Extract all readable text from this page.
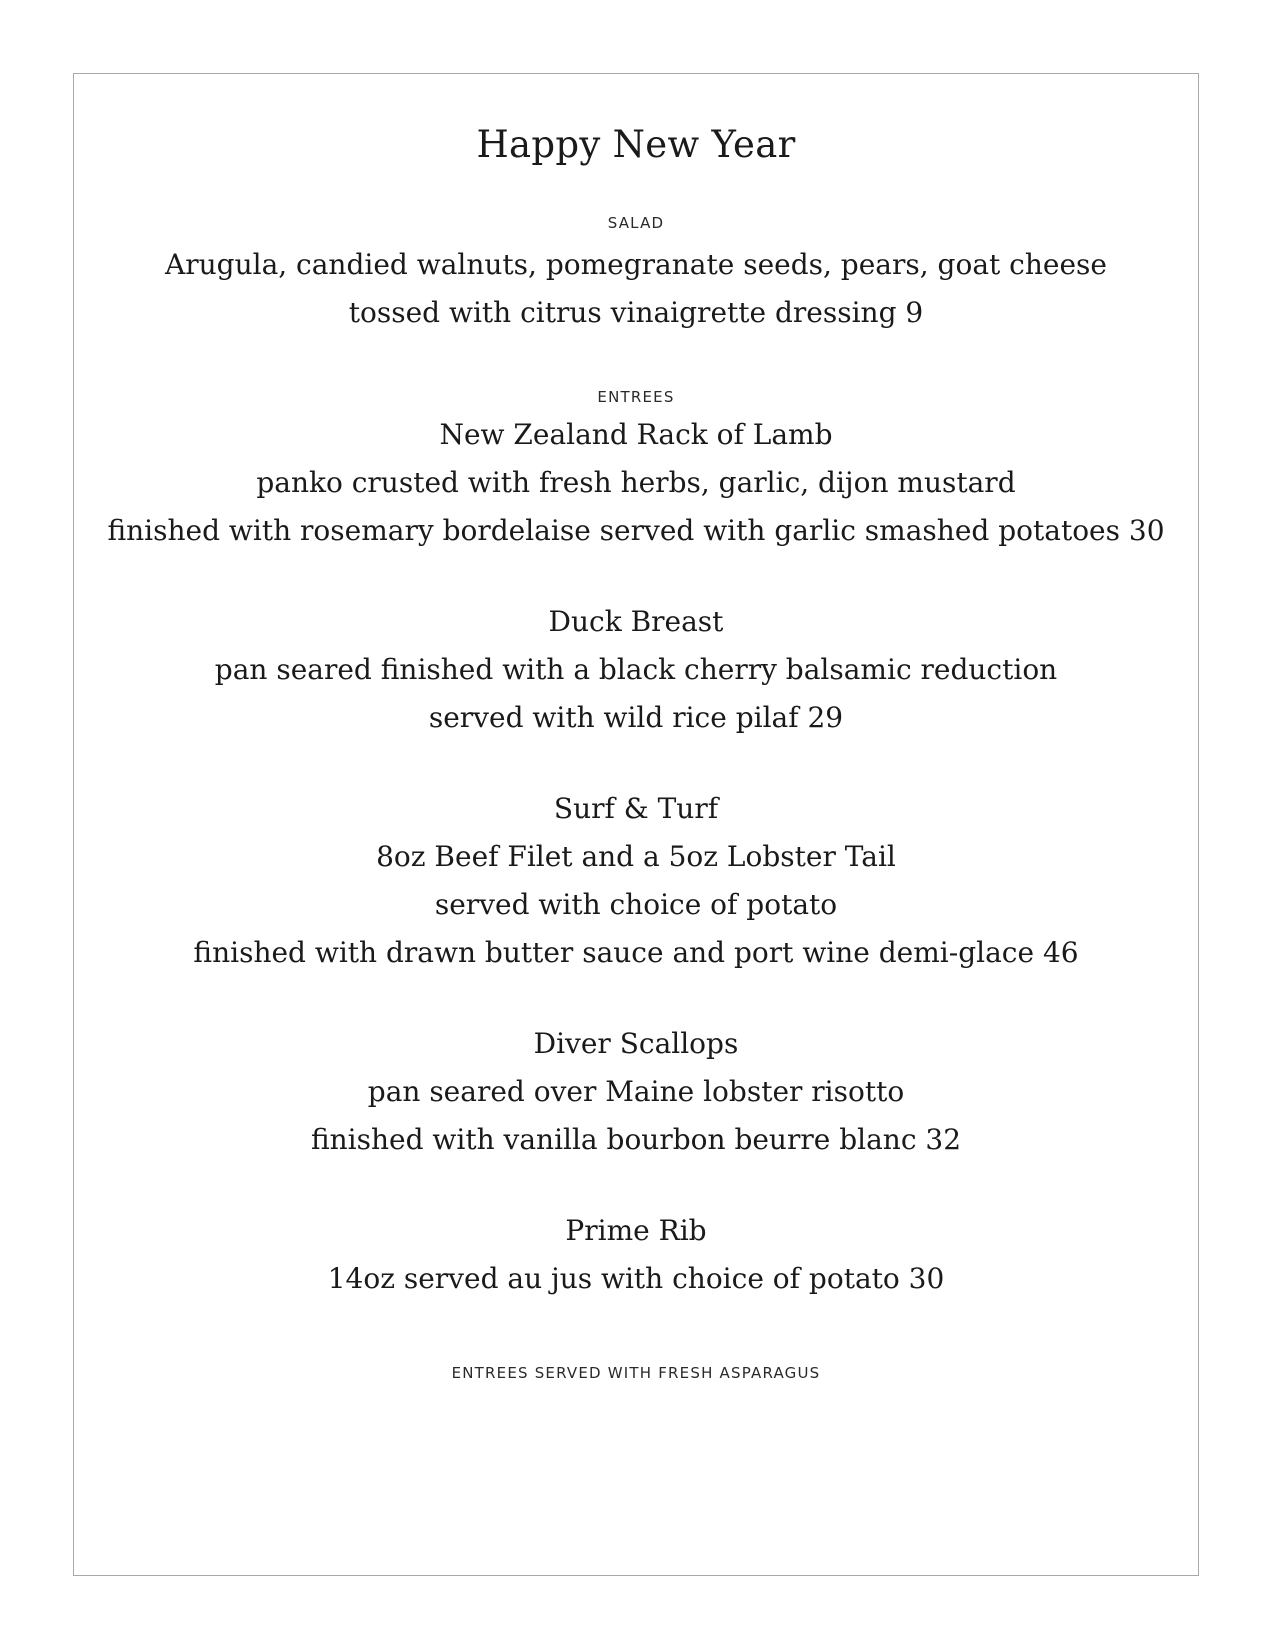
Happy New Year
SALAD
Arugula, candied walnuts, pomegranate seeds, pears, goat cheese
tossed with citrus vinaigrette dressing 9
ENTREES
New Zealand Rack of Lamb
panko crusted with fresh herbs, garlic, dijon mustard
finished with rosemary bordelaise served with garlic smashed potatoes 30
Duck Breast
pan seared finished with a black cherry balsamic reduction
served with wild rice pilaf 29
Surf & Turf
8oz Beef Filet and a 5oz Lobster Tail
served with choice of potato
finished with drawn butter sauce and port wine demi-glace 46
Diver Scallops
pan seared over Maine lobster risotto
finished with vanilla bourbon beurre blanc 32
Prime Rib
14oz served au jus with choice of potato 30
ENTREES SERVED WITH FRESH ASPARAGUS
